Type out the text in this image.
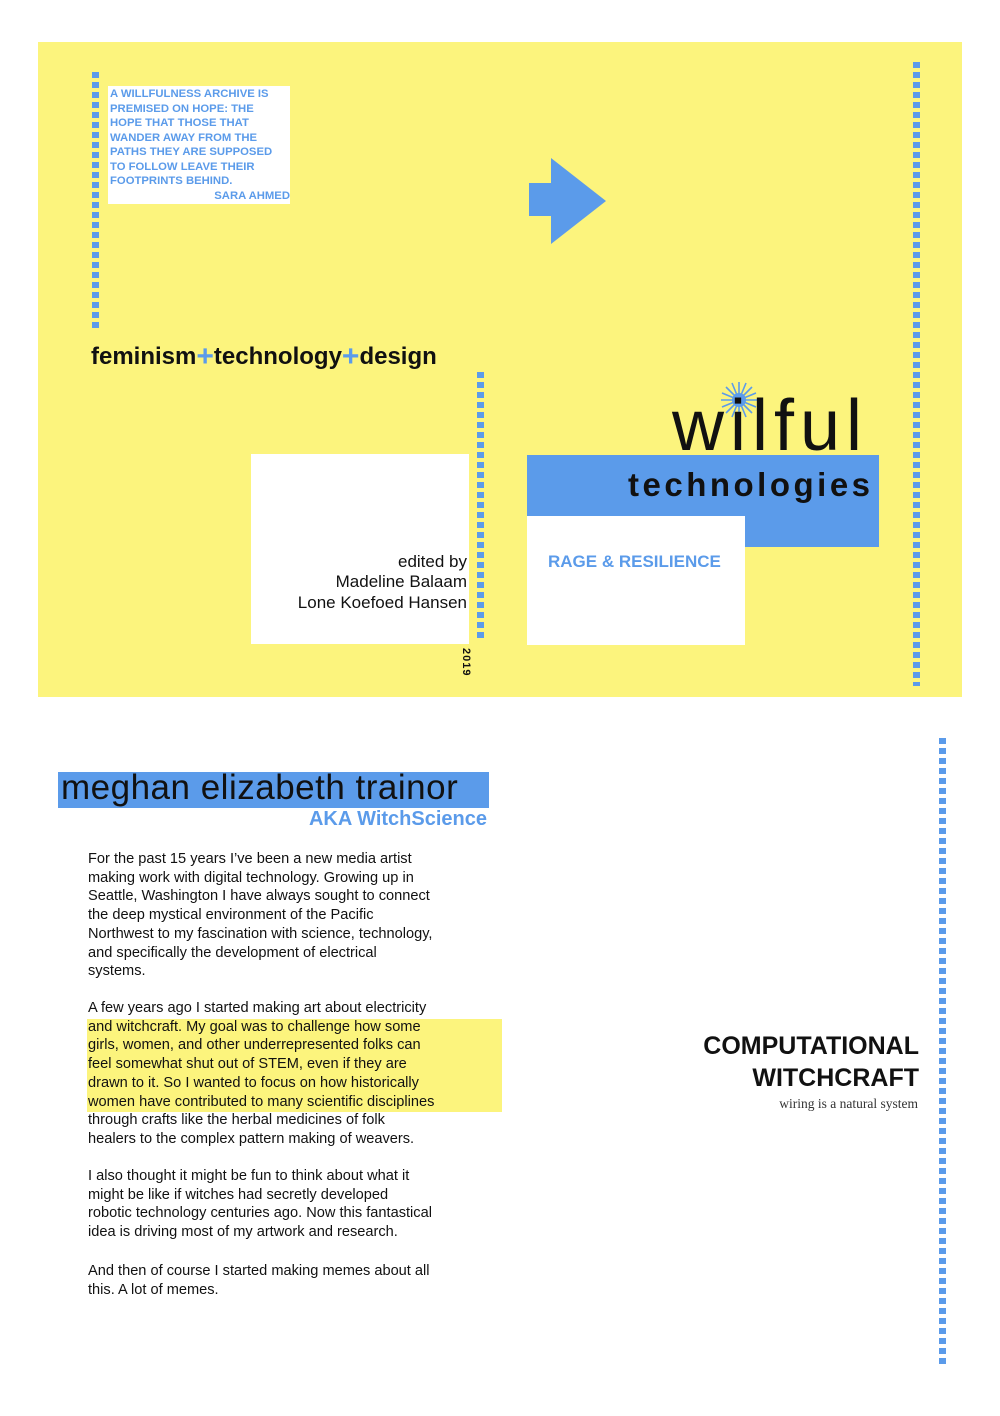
A WILLFULNESS ARCHIVE IS PREMISED ON HOPE: THE HOPE THAT THOSE THAT WANDER AWAY FROM THE PATHS THEY ARE SUPPOSED TO FOLLOW LEAVE THEIR FOOTPRINTS BEHIND.
SARA AHMED
feminism+technology+design
edited by
Madeline Balaam
Lone Koefoed Hansen
2019
wilful
technologies
RAGE & RESILIENCE
meghan elizabeth trainor
AKA WitchScience
For the past 15 years I’ve been a new media artist
making work with digital technology. Growing up in
Seattle, Washington I have always sought to connect
the deep mystical environment of the Pacific
Northwest to my fascination with science, technology,
and specifically the development of electrical
systems.
A few years ago I started making art about electricity
and witchcraft. My goal was to challenge how some
girls, women, and other underrepresented folks can
feel somewhat shut out of STEM, even if they are
drawn to it. So I wanted to focus on how historically
women have contributed to many scientific disciplines
through crafts like the herbal medicines of folk
healers to the complex pattern making of weavers.
I also thought it might be fun to think about what it
might be like if witches had secretly developed
robotic technology centuries ago. Now this fantastical
idea is driving most of my artwork and research.
And then of course I started making memes about all
this. A lot of memes.
COMPUTATIONAL
WITCHCRAFT
wiring is a natural system
